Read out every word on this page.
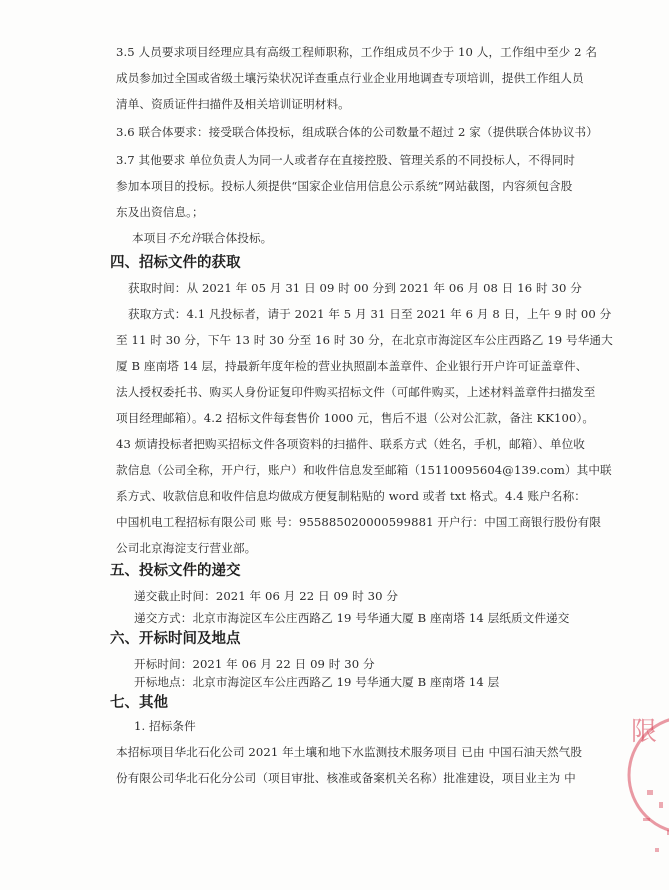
3.5 人员要求项目经理应具有高级工程师职称，工作组成员不少于 10 人，工作组中至少 2 名
成员参加过全国或省级土壤污染状况详查重点行业企业用地调查专项培训，提供工作组人员
清单、资质证件扫描件及相关培训证明材料。
3.6 联合体要求：接受联合体投标，组成联合体的公司数量不超过 2 家（提供联合体协议书）
3.7 其他要求 单位负责人为同一人或者存在直接控股、管理关系的不同投标人，不得同时
参加本项目的投标。投标人须提供“国家企业信用信息公示系统”网站截图，内容须包含股
东及出资信息。；
本项目不允许联合体投标。
四、招标文件的获取
获取时间：从 2021 年 05 月 31 日 09 时 00 分到 2021 年 06 月 08 日 16 时 30 分
获取方式：4.1 凡投标者，请于 2021 年 5 月 31 日至 2021 年 6 月 8 日，上午 9 时 00 分
至 11 时 30 分，下午 13 时 30 分至 16 时 30 分，在北京市海淀区车公庄西路乙 19 号华通大
厦 B 座南塔 14 层，持最新年度年检的营业执照副本盖章件、企业银行开户许可证盖章件、
法人授权委托书、购买人身份证复印件购买招标文件（可邮件购买，上述材料盖章件扫描发至
项目经理邮箱）。4.2 招标文件每套售价 1000 元，售后不退（公对公汇款，备注 KK100）。
43 烦请投标者把购买招标文件各项资料的扫描件、联系方式（姓名，手机，邮箱）、单位收
款信息（公司全称，开户行，账户）和收件信息发至邮箱（15110095604@139.com）其中联
系方式、收款信息和收件信息均做成方便复制粘贴的 word 或者 txt 格式。4.4 账户名称：
中国机电工程招标有限公司 账 号：955885020000599881 开户行：中国工商银行股份有限
公司北京海淀支行营业部。
五、投标文件的递交
递交截止时间：2021 年 06 月 22 日 09 时 30 分
递交方式：北京市海淀区车公庄西路乙 19 号华通大厦 B 座南塔 14 层纸质文件递交
六、开标时间及地点
开标时间：2021 年 06 月 22 日 09 时 30 分
开标地点：北京市海淀区车公庄西路乙 19 号华通大厦 B 座南塔 14 层
七、其他
1. 招标条件
本招标项目华北石化公司 2021 年土壤和地下水监测技术服务项目 已由 中国石油天然气股
份有限公司华北石化分公司（项目审批、核准或备案机关名称）批准建设，项目业主为 中
限
